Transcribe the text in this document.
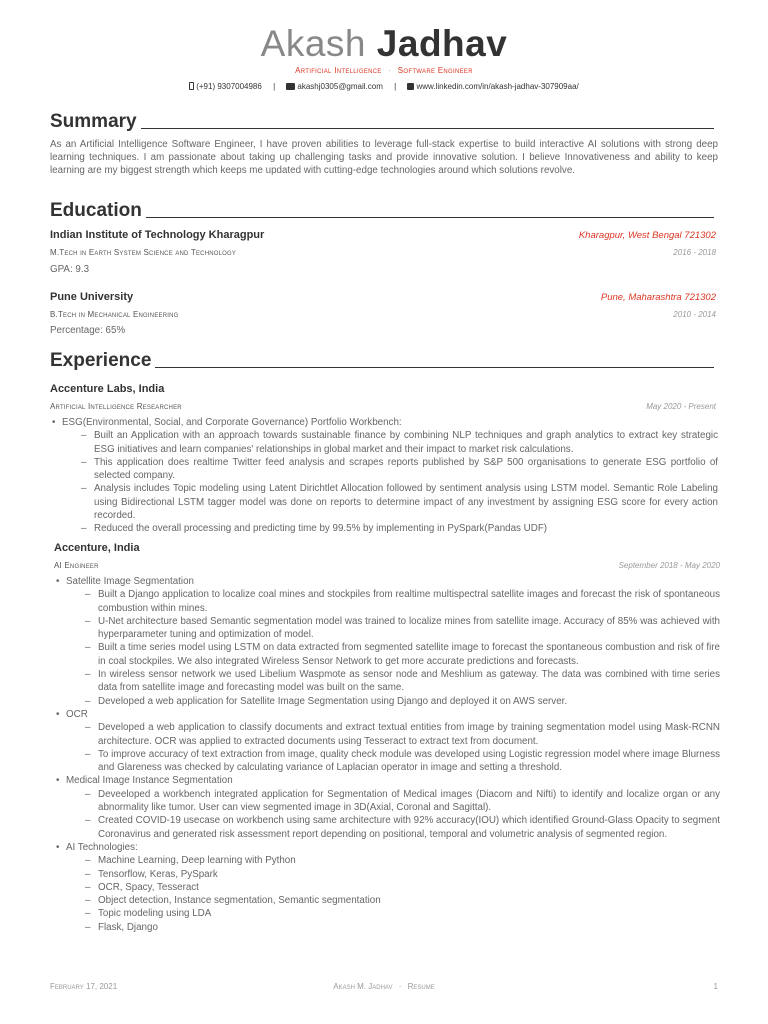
Akash Jadhav
Artificial Intelligence · Software Engineer
(+91) 9307004986 |	akashj0305@gmail.com |	www.linkedin.com/in/akash-jadhav-307909aa/
Summary
As an Artificial Intelligence Software Engineer, I have proven abilities to leverage full-stack expertise to build interactive AI solutions with strong deep learning techniques. I am passionate about taking up challenging tasks and provide innovative solution. I believe Innovativeness and ability to keep learning are my biggest strength which keeps me updated with cutting-edge technologies around which solutions revolve.
Education
Indian Institute of Technology Kharagpur	Kharagpur, West Bengal 721302
M.Tech in Earth System Science and Technology	2016 - 2018
GPA: 9.3
Pune University	Pune, Maharashtra 721302
B.Tech in Mechanical Engineering	2010 - 2014
Percentage: 65%
Experience
Accenture Labs, India
Artificial Intelligence Researcher	May 2020 - Present
• ESG(Environmental, Social, and Corporate Governance) Portfolio Workbench:
– Built an Application with an approach towards sustainable finance by combining NLP techniques and graph analytics to extract key strategic ESG initiatives and learn companies' relationships in global market and their impact to market risk calculations.
– This application does realtime Twitter feed analysis and scrapes reports published by S&P 500 organisations to generate ESG portfolio of selected company.
– Analysis includes Topic modeling using Latent Dirichtlet Allocation followed by sentiment analysis using LSTM model. Semantic Role Labeling using Bidirectional LSTM tagger model was done on reports to determine impact of any investment by assigning ESG score for every action recorded.
– Reduced the overall processing and predicting time by 99.5% by implementing in PySpark(Pandas UDF)
Accenture, India
AI Engineer	September 2018 - May 2020
• Satellite Image Segmentation
– Built a Django application to localize coal mines and stockpiles from realtime multispectral satellite images and forecast the risk of spontaneous combustion within mines.
– U-Net architecture based Semantic segmentation model was trained to localize mines from satellite image. Accuracy of 85% was achieved with hyperparameter tuning and optimization of model.
– Built a time series model using LSTM on data extracted from segmented satellite image to forecast the spontaneous combustion and risk of fire in coal stockpiles. We also integrated Wireless Sensor Network to get more accurate predictions and forecasts.
– In wireless sensor network we used Libelium Waspmote as sensor node and Meshlium as gateway. The data was combined with time series data from satellite image and forecasting model was built on the same.
– Developed a web application for Satellite Image Segmentation using Django and deployed it on AWS server.
• OCR
– Developed a web application to classify documents and extract textual entities from image by training segmentation model using Mask-RCNN architecture. OCR was applied to extracted documents using Tesseract to extract text from document.
– To improve accuracy of text extraction from image, quality check module was developed using Logistic regression model where image Blurness and Glareness was checked by calculating variance of Laplacian operator in image and setting a threshold.
• Medical Image Instance Segmentation
– Deveeloped a workbench integrated application for Segmentation of Medical images (Diacom and Nifti) to identify and localize organ or any abnormality like tumor. User can view segmented image in 3D(Axial, Coronal and Sagittal).
– Created COVID-19 usecase on workbench using same architecture with 92% accuracy(IOU) which identified Ground-Glass Opacity to segment Coronavirus and generated risk assessment report depending on positional, temporal and volumetric analysis of segmented region.
• AI Technologies:
– Machine Learning, Deep learning with Python
– Tensorflow, Keras, PySpark
– OCR, Spacy, Tesseract
– Object detection, Instance segmentation, Semantic segmentation
– Topic modeling using LDA
– Flask, Django
February 17, 2021	Akash M. Jadhav · Resume	1
